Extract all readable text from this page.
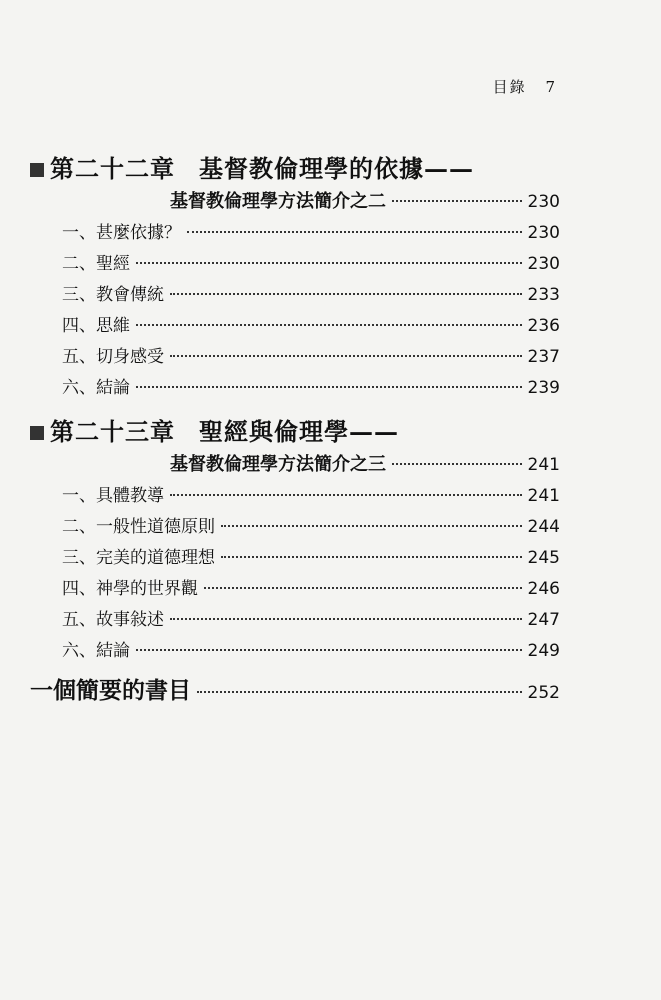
目錄 7
第二十二章 基督教倫理學的依據——
基督教倫理學方法簡介之二	230
一、甚麼依據？	230
二、聖經	230
三、教會傳統	233
四、思維	236
五、切身感受	237
六、結論	239
第二十三章 聖經與倫理學——
基督教倫理學方法簡介之三	241
一、具體教導	241
二、一般性道德原則	244
三、完美的道德理想	245
四、神學的世界觀	246
五、故事敍述	247
六、結論	249
一個簡要的書目	252
